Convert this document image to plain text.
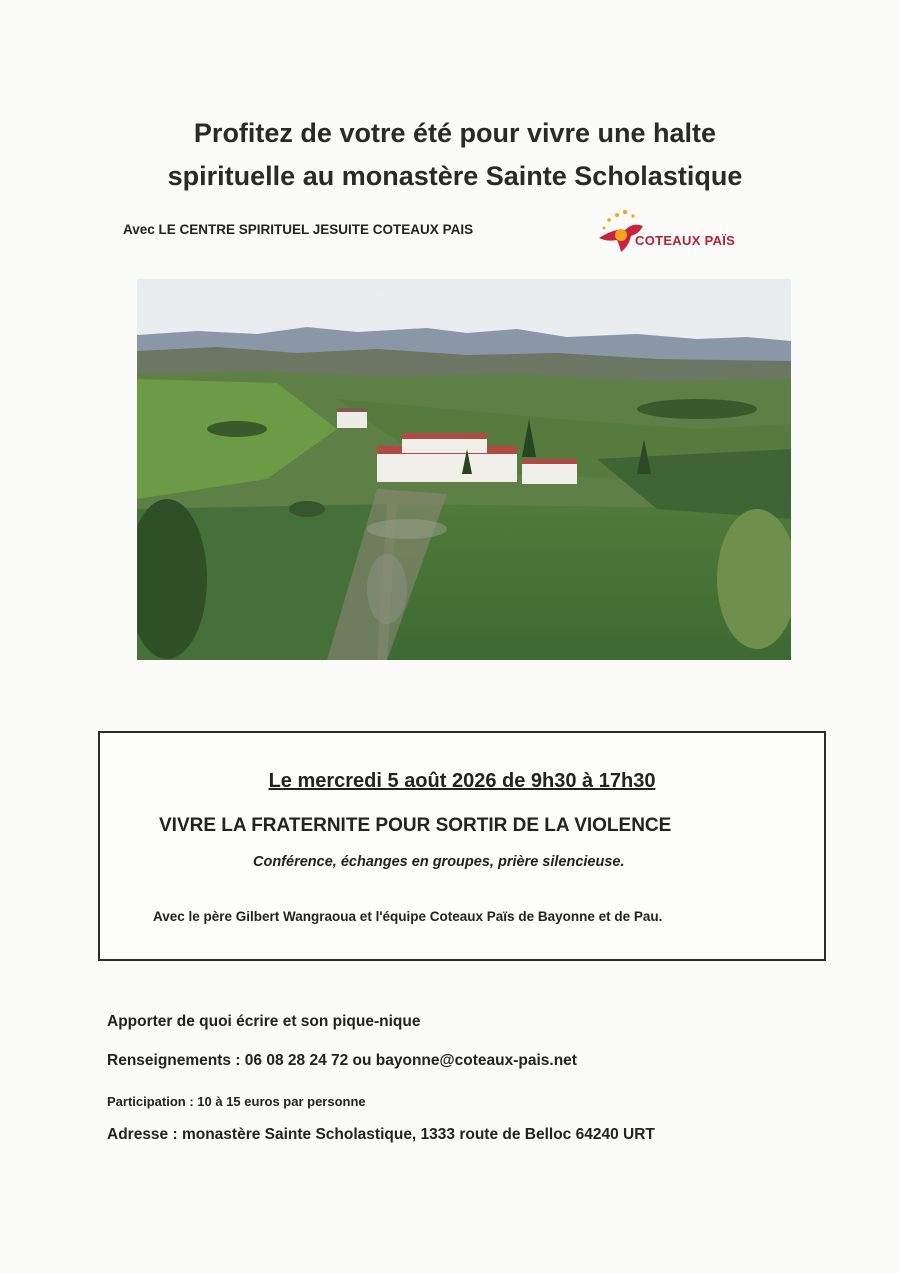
Profitez de votre été pour vivre une halte
spirituelle au monastère Sainte Scholastique
Avec LE CENTRE SPIRITUEL JESUITE COTEAUX PAIS
COTEAUX PAÏS
Le mercredi 5 août 2026 de 9h30 à 17h30
VIVRE LA FRATERNITE POUR SORTIR DE LA VIOLENCE
Conférence, échanges en groupes, prière silencieuse.
Avec le père Gilbert Wangraoua et l'équipe Coteaux Païs de Bayonne et de Pau.
Apporter de quoi écrire et son pique-nique
Renseignements : 06 08 28 24 72 ou bayonne@coteaux-pais.net
Participation : 10 à 15 euros par personne
Adresse : monastère Sainte Scholastique, 1333 route de Belloc 64240 URT
